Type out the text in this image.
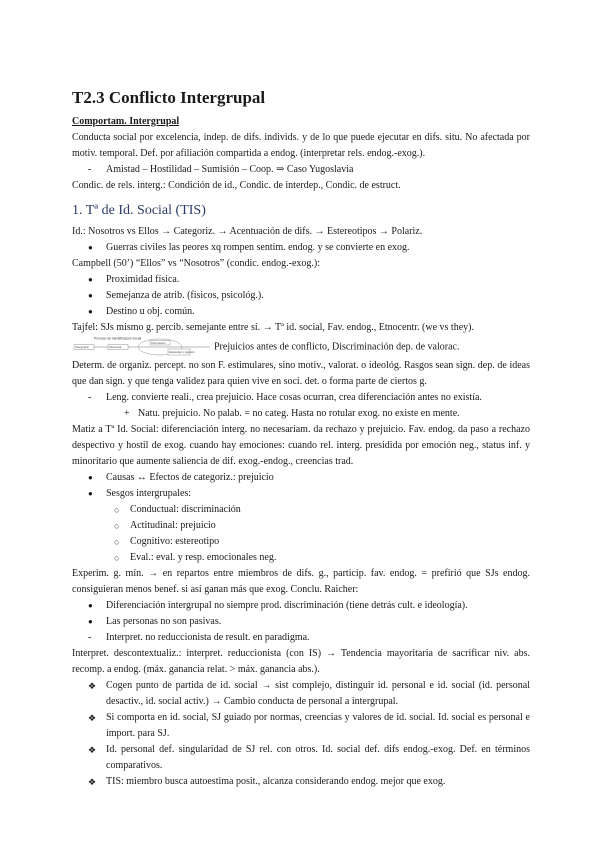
T2.3 Conflicto Intergrupal
Comportam. Intergrupal

Conducta social por excelencia, indep. de difs. individs. y de lo que puede ejecutar en difs. situ. No afectada por motiv. temporal. Def. por afiliación compartida a endog. (interpretar rels. endog.-exog.).

- Amistad – Hostilidad – Sumisión – Coop. ⇒ Caso Yugoslavia

Condic. de rels. interg.: Condición de id., Condic. de interdep., Condic. de estruct.

1. Tª de Id. Social (TIS)

Id.: Nosotros vs Ellos → Categoriz. → Acentuación de difs. → Estereotipos → Polariz.

● Guerras civiles las peores xq rompen sentim. endog. y se convierte en exog.

Campbell (50’) “Ellos” vs “Nosotros” (condic. endog.-exog.):

● Proximidad física.
● Semejanza de atrib. (físicos, psicológ.).
● Destino u obj. común.

Tajfel: SJs mismo g. percib. semejante entre sí. → Tª id. social, Fav. endog., Etnocentr. (we vs they).

Proceso de identificación social
Intergrupal	Inferencia
Información
Estereotipo y prejuicio
Prejuicios antes de conflicto, Discriminación dep. de valorac.

Determ. de organiz. percept. no son F. estimulares, sino motiv., valorat. o ideológ. Rasgos sean sign. dep. de ideas que dan sign. y que tenga validez para quien vive en soci. det. o forma parte de ciertos g.

- Leng. convierte reali., crea prejuicio. Hace cosas ocurran, crea diferenciación antes no existía.
+ Natu. prejuicio. No palab. = no categ. Hasta no rotular exog. no existe en mente.

Matiz a Tª Id. Social: diferenciación interg. no necesariam. da rechazo y prejuicio. Fav. endog. da paso a rechazo despectivo y hostil de exog. cuando hay emociones: cuando rel. interg. presidida por emoción neg., status inf. y minoritario que aumente saliencia de dif. exog.-endog., creencias trad.

● Causas ↔ Efectos de categoriz.: prejuicio
● Sesgos intergrupales:
○ Conductual: discriminación
○ Actitudinal: prejuicio
○ Cognitivo: estereotipo
○ Eval.: eval. y resp. emocionales neg.

Experim. g. mín. → en repartos entre miembros de difs. g., particip. fav. endog. = prefirió que SJs endog. consiguieran menos benef. si así ganan más que exog. Conclu. Raicher:

● Diferenciación intergrupal no siempre prod. discriminación (tiene detrás cult. e ideología).
● Las personas no son pasivas.
- Interpret. no reduccionista de result. en paradigma.

Interpret. descontextualiz.: interpret. reduccionista (con IS) → Tendencia mayoritaria de sacrificar niv. abs. recomp. a endog. (máx. ganancia relat. > máx. ganancia abs.).

❖ Cogen punto de partida de id. social → sist complejo, distinguir id. personal e id. social (id. personal desactiv., id. social activ.) → Cambio conducta de personal a intergrupal.
❖ Si comporta en id. social, SJ guiado por normas, creencias y valores de id. social. Id. social es personal e import. para SJ.
❖ Id. personal def. singularidad de SJ rel. con otros. Id. social def. difs endog.-exog. Def. en términos comparativos.
❖ TIS: miembro busca autoestima posit., alcanza considerando endog. mejor que exog.
